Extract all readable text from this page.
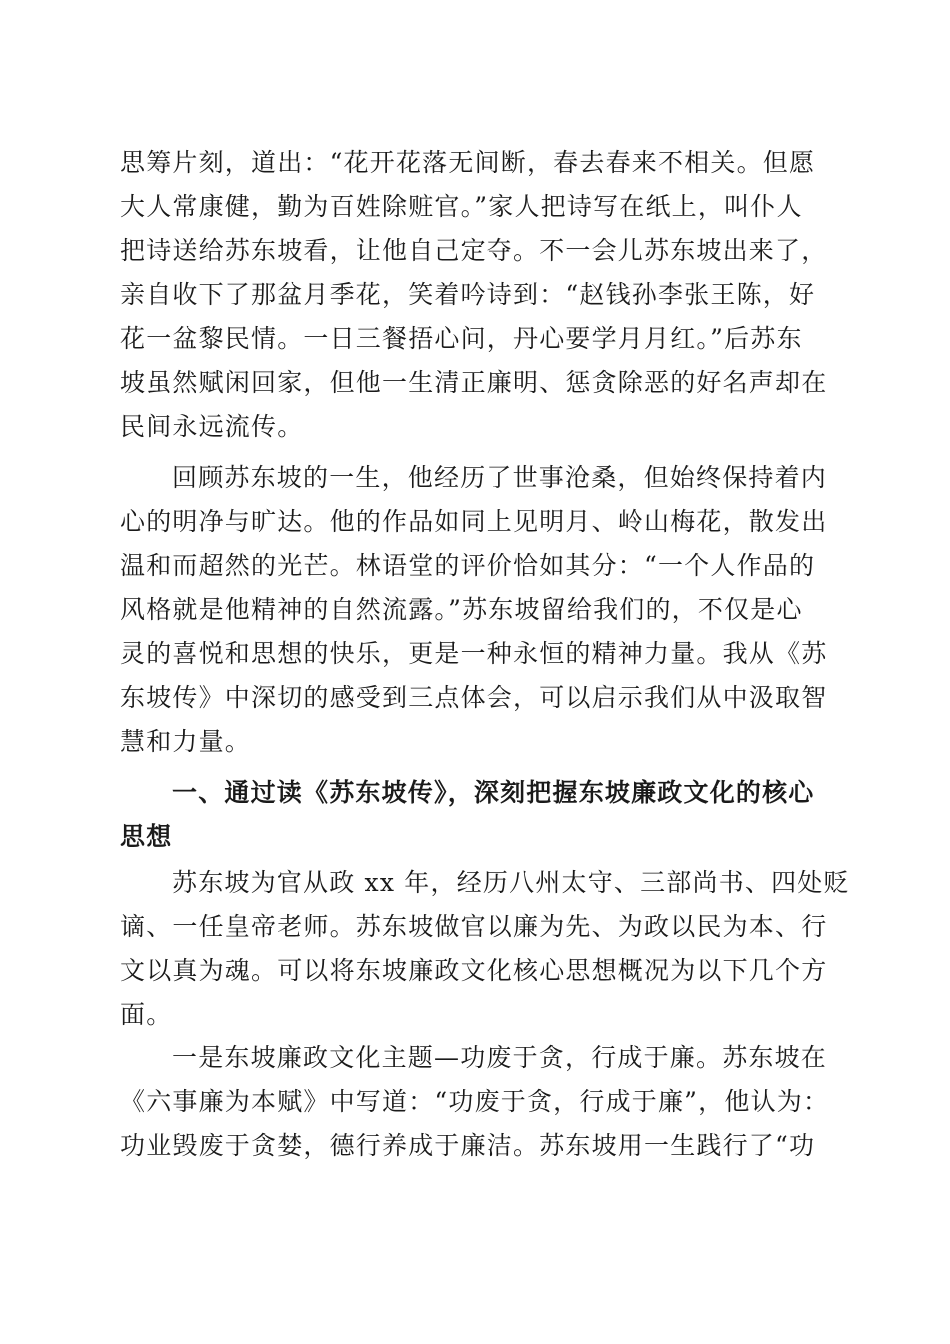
思筹片刻，道出：“花开花落无间断，春去春来不相关。但愿
大人常康健，勤为百姓除赃官。”家人把诗写在纸上，叫仆人
把诗送给苏东坡看，让他自己定夺。不一会儿苏东坡出来了，
亲自收下了那盆月季花，笑着吟诗到：“赵钱孙李张王陈，好
花一盆黎民情。一日三餐捂心问，丹心要学月月红。”后苏东
坡虽然赋闲回家，但他一生清正廉明、惩贪除恶的好名声却在
民间永远流传。
回顾苏东坡的一生，他经历了世事沧桑，但始终保持着内
心的明净与旷达。他的作品如同上见明月、岭山梅花，散发出
温和而超然的光芒。林语堂的评价恰如其分：“一个人作品的
风格就是他精神的自然流露。”苏东坡留给我们的，不仅是心
灵的喜悦和思想的快乐，更是一种永恒的精神力量。我从《苏
东坡传》中深切的感受到三点体会，可以启示我们从中汲取智
慧和力量。
一、通过读《苏东坡传》，深刻把握东坡廉政文化的核心
思想
苏东坡为官从政 xx 年，经历八州太守、三部尚书、四处贬
谪、一任皇帝老师。苏东坡做官以廉为先、为政以民为本、行
文以真为魂。可以将东坡廉政文化核心思想概况为以下几个方
面。
一是东坡廉政文化主题—功废于贪，行成于廉。苏东坡在
《六事廉为本赋》中写道：“功废于贪，行成于廉”，他认为：
功业毁废于贪婪，德行养成于廉洁。苏东坡用一生践行了“功
